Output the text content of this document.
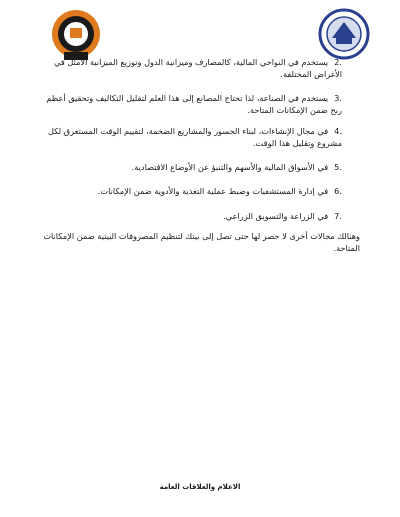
.2يستخدم في النواحي المالية، كالمصارف وميزانية الدول وتوزيع الميزانية الأمثل في الأغراض المختلفة.
.3يستخدم في الصناعة، لذا تحتاج المصانع إلى هذا العلم لتقليل التكاليف وتحقيق أعظم ربح ضمن الإمكانات المتاحة.
.4في مجال الإنشاءات، لبناء الجسور والمشاريع الضخمة، لتقييم الوقت المستغرق لكل مشروع وتقليل هذا الوقت.
.5في الأسواق المالية والأسهم والتنبؤ عن الأوضاع الاقتصادية.
.6في إدارة المستشفيات وضبط عملية التغذية والأدوية ضمن الإمكانات.
.7في الزراعة والتسويق الزراعي.

وهنالك مجالات أخرى لا حصر لها حتى تصل إلى بيتك لتنظيم المصروفات البيتية ضمن الإمكانات المتاحة.

الاعلام والعلاقات العامة
